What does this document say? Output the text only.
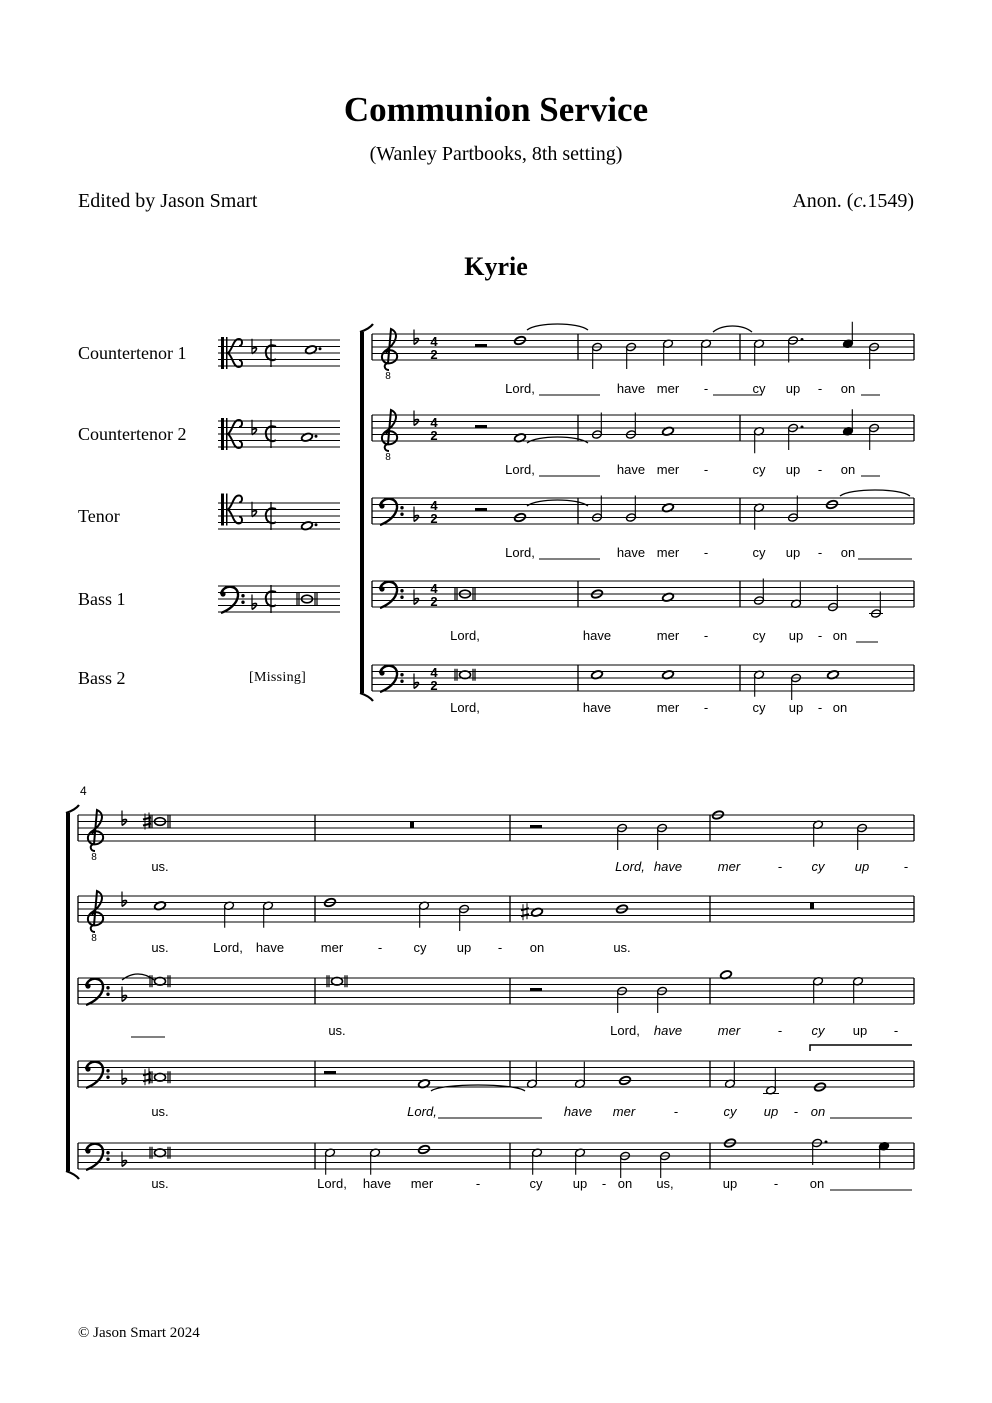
Communion Service
(Wanley Partbooks, 8th setting)
Edited by Jason Smart	Anon. (c.1549)
Kyrie
Countertenor 1
Countertenor 2
Tenor
Bass 1
Bass 2	[Missing]
8
4
2
8
4
2
4
2
4
2
4
2
Lord,	have mer -	cy up - on
Lord,	have mer -	cy up - on
Lord,	have mer -	cy up - on
Lord,	have	mer -	cy up - on
Lord,	have	mer -	cy up - on
4
8
8
us.	Lord, have	mer	- cy up	-
us.	Lord, have	mer	- cy up - on	us.
us.	Lord, have	mer	- cy up -
us.	Lord,	have mer	-	cy up - on
us.	Lord, have mer	-	cy up - on us,	up	- on
© Jason Smart 2024
